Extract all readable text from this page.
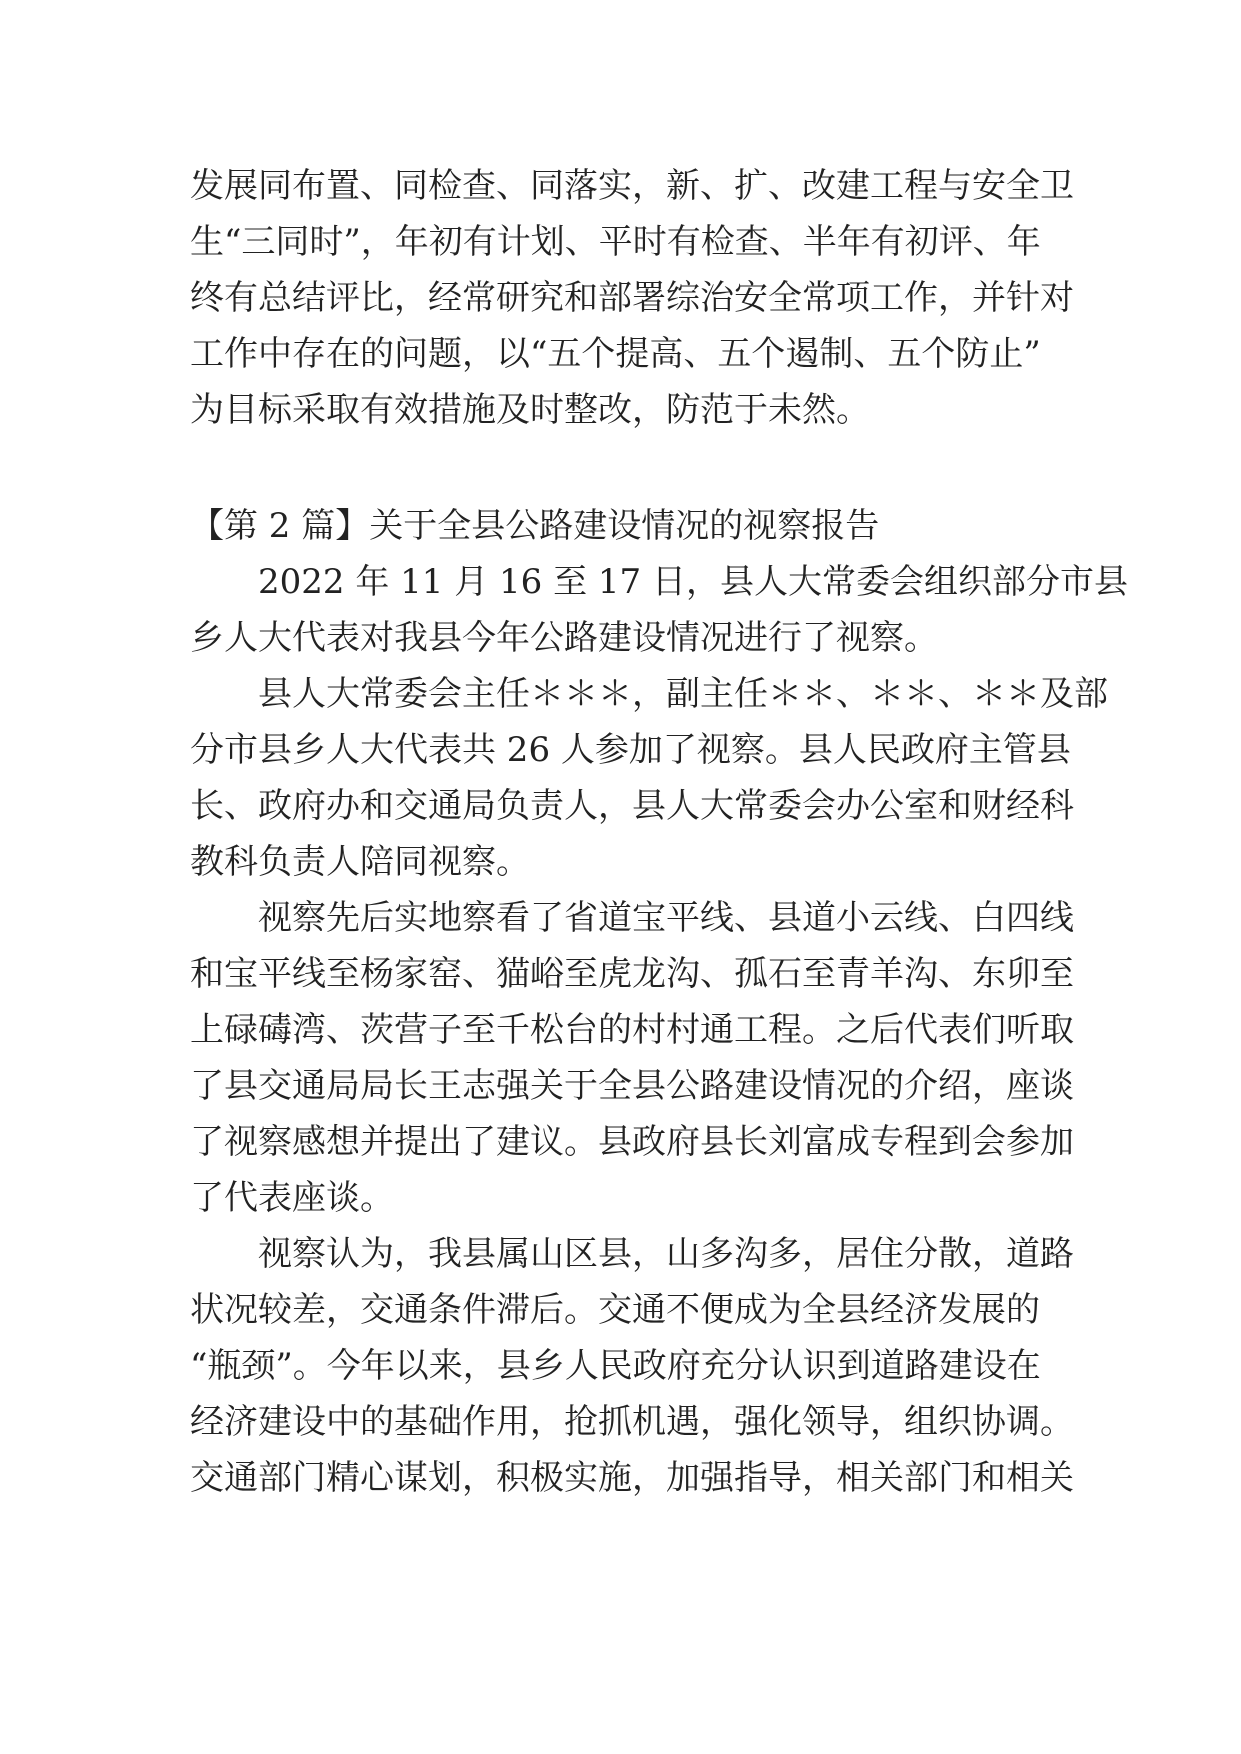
发展同布置、同检查、同落实，新、扩、改建工程与安全卫
生“三同时”，年初有计划、平时有检查、半年有初评、年
终有总结评比，经常研究和部署综治安全常项工作，并针对
工作中存在的问题，以“五个提高、五个遏制、五个防止”
为目标采取有效措施及时整改，防范于未然。
【第 2 篇】关于全县公路建设情况的视察报告
2022 年 11 月 16 至 17 日，县人大常委会组织部分市县
乡人大代表对我县今年公路建设情况进行了视察。
县人大常委会主任＊＊＊，副主任＊＊、＊＊、＊＊及部
分市县乡人大代表共 26 人参加了视察。县人民政府主管县
长、政府办和交通局负责人，县人大常委会办公室和财经科
教科负责人陪同视察。
视察先后实地察看了省道宝平线、县道小云线、白四线
和宝平线至杨家窑、猫峪至虎龙沟、孤石至青羊沟、东卯至
上碌碡湾、茨营子至千松台的村村通工程。之后代表们听取
了县交通局局长王志强关于全县公路建设情况的介绍，座谈
了视察感想并提出了建议。县政府县长刘富成专程到会参加
了代表座谈。
视察认为，我县属山区县，山多沟多，居住分散，道路
状况较差，交通条件滞后。交通不便成为全县经济发展的
“瓶颈”。今年以来，县乡人民政府充分认识到道路建设在
经济建设中的基础作用，抢抓机遇，强化领导，组织协调。
交通部门精心谋划，积极实施，加强指导，相关部门和相关
